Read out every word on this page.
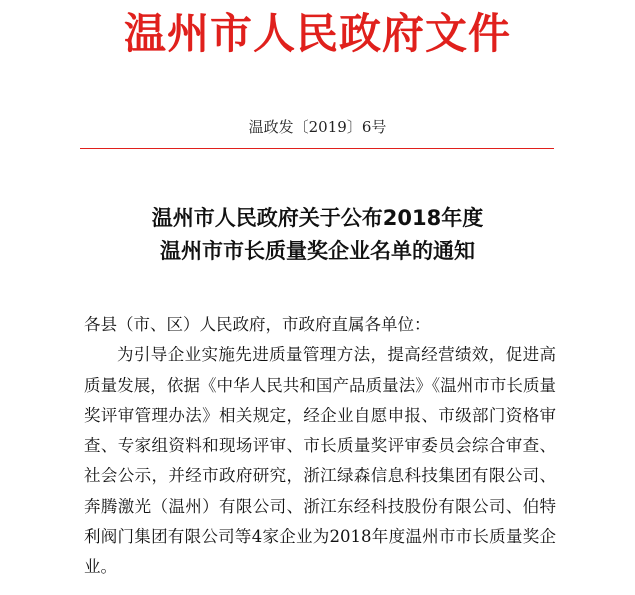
温州市人民政府文件
温政发〔2019〕6号
温州市人民政府关于公布2018年度
温州市市长质量奖企业名单的通知

各县（市、区）人民政府，市政府直属各单位：

为引导企业实施先进质量管理方法，提高经营绩效，促进高质量发展，依据《中华人民共和国产品质量法》《温州市市长质量奖评审管理办法》相关规定，经企业自愿申报、市级部门资格审查、专家组资料和现场评审、市长质量奖评审委员会综合审查、社会公示，并经市政府研究，浙江绿森信息科技集团有限公司、奔腾激光（温州）有限公司、浙江东经科技股份有限公司、伯特利阀门集团有限公司等4家企业为2018年度温州市市长质量奖企业。
